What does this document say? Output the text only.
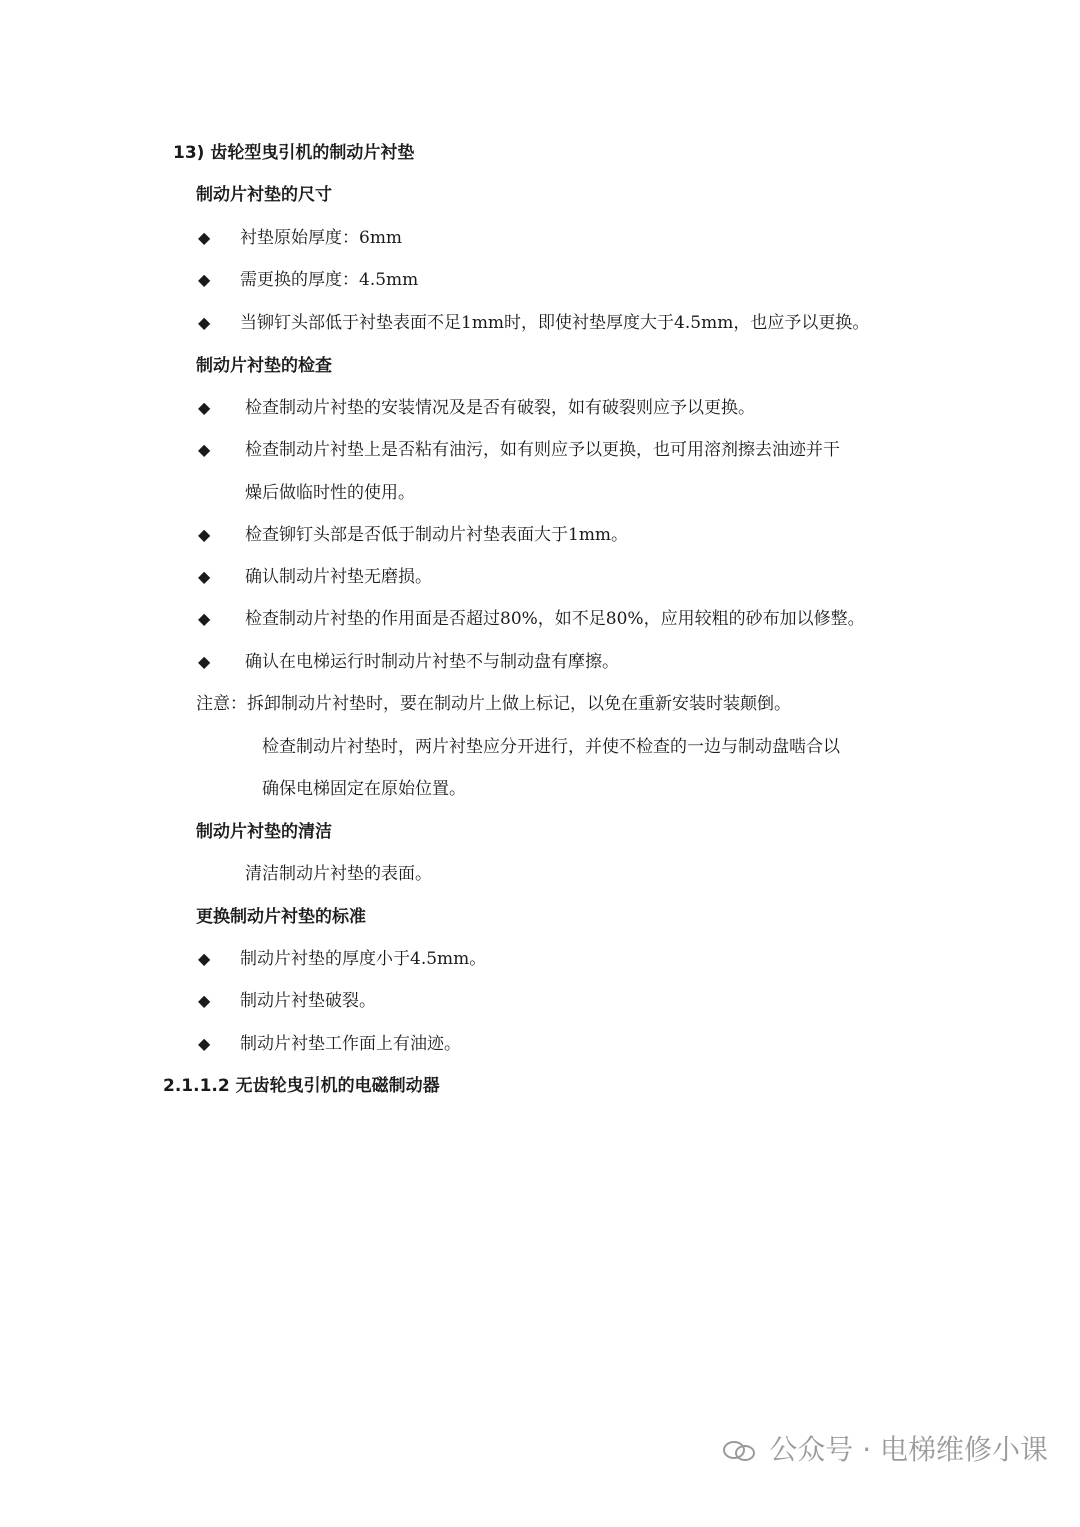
13) 齿轮型曳引机的制动片衬垫
制动片衬垫的尺寸
◆ 衬垫原始厚度：6mm
◆ 需更换的厚度：4.5mm
◆ 当铆钉头部低于衬垫表面不足1mm时，即使衬垫厚度大于4.5mm，也应予以更换。
制动片衬垫的检查
◆ 检查制动片衬垫的安装情况及是否有破裂，如有破裂则应予以更换。
◆ 检查制动片衬垫上是否粘有油污，如有则应予以更换，也可用溶剂擦去油迹并干
燥后做临时性的使用。
◆ 检查铆钉头部是否低于制动片衬垫表面大于1mm。
◆ 确认制动片衬垫无磨损。
◆ 检查制动片衬垫的作用面是否超过80%，如不足80%，应用较粗的砂布加以修整。
◆ 确认在电梯运行时制动片衬垫不与制动盘有摩擦。
注意：拆卸制动片衬垫时，要在制动片上做上标记，以免在重新安装时装颠倒。
检查制动片衬垫时，两片衬垫应分开进行，并使不检查的一边与制动盘啮合以
确保电梯固定在原始位置。
制动片衬垫的清洁
清洁制动片衬垫的表面。
更换制动片衬垫的标准
◆ 制动片衬垫的厚度小于4.5mm。
◆ 制动片衬垫破裂。
◆ 制动片衬垫工作面上有油迹。
2.1.1.2 无齿轮曳引机的电磁制动器
公众号 · 电梯维修小课
